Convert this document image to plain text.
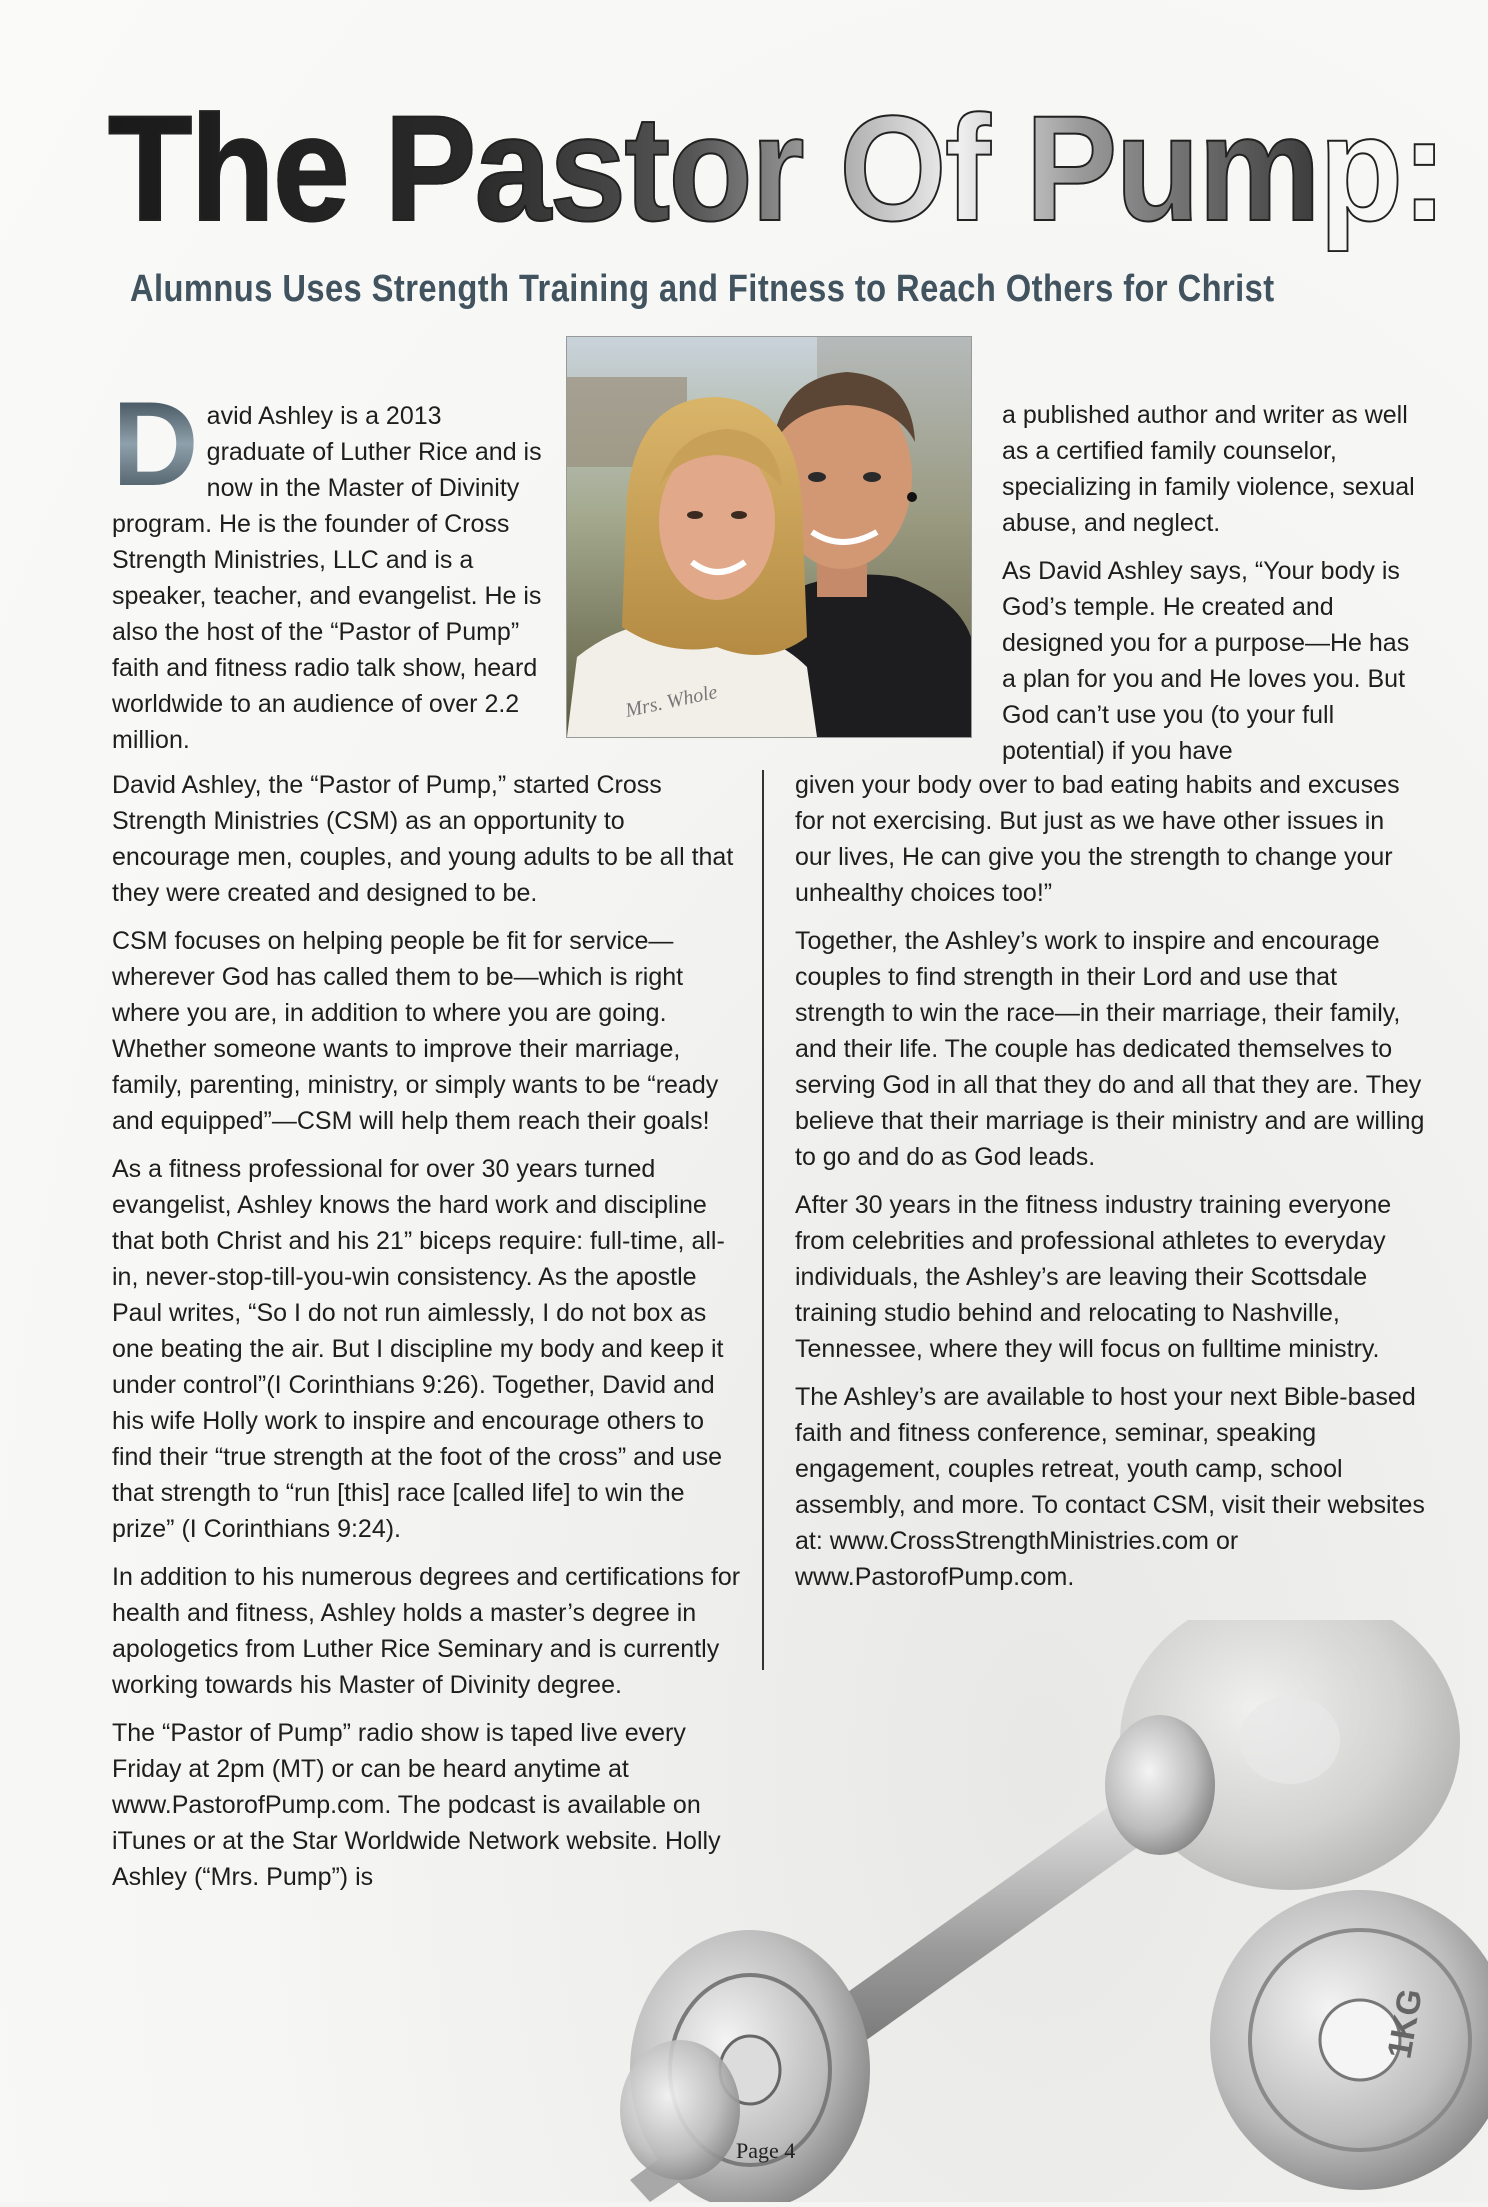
The Pastor Of Pump:
Alumnus Uses Strength Training and Fitness to Reach Others for Christ
Mrs. Whole
D avid Ashley is a 2013 graduate of Luther Rice and is now in the Master of Divinity program. He is the founder of Cross Strength Ministries, LLC and is a speaker, teacher, and evangelist. He is also the host of the “Pastor of Pump” faith and fitness radio talk show, heard worldwide to an audience of over 2.2 million.

a published author and writer as well as a certified family counselor, specializing in family violence, sexual abuse, and neglect.

As David Ashley says, “Your body is God’s temple. He created and designed you for a purpose—He has a plan for you and He loves you. But God can’t use you (to your full potential) if you have

David Ashley, the “Pastor of Pump,” started Cross Strength Ministries (CSM) as an opportunity to encourage men, couples, and young adults to be all that they were created and designed to be.

CSM focuses on helping people be fit for service—wherever God has called them to be—which is right where you are, in addition to where you are going. Whether someone wants to improve their marriage, family, parenting, ministry, or simply wants to be “ready and equipped”—CSM will help them reach their goals!

As a fitness professional for over 30 years turned evangelist, Ashley knows the hard work and discipline that both Christ and his 21” biceps require: full-time, all-in, never-stop-till-you-win consistency. As the apostle Paul writes, “So I do not run aimlessly, I do not box as one beating the air. But I discipline my body and keep it under control”(I Corinthians 9:26). Together, David and his wife Holly work to inspire and encourage others to find their “true strength at the foot of the cross” and use that strength to “run [this] race [called life] to win the prize” (I Corinthians 9:24).

In addition to his numerous degrees and certifications for health and fitness, Ashley holds a master’s degree in apologetics from Luther Rice Seminary and is currently working towards his Master of Divinity degree.

The “Pastor of Pump” radio show is taped live every Friday at 2pm (MT) or can be heard anytime at www.PastorofPump.com. The podcast is available on iTunes or at the Star Worldwide Network website. Holly Ashley (“Mrs. Pump”) is

given your body over to bad eating habits and excuses for not exercising. But just as we have other issues in our lives, He can give you the strength to change your unhealthy choices too!”

Together, the Ashley’s work to inspire and encourage couples to find strength in their Lord and use that strength to win the race—in their marriage, their family, and their life. The couple has dedicated themselves to serving God in all that they do and all that they are. They believe that their marriage is their ministry and are willing to go and do as God leads.

After 30 years in the fitness industry training everyone from celebrities and professional athletes to everyday individuals, the Ashley’s are leaving their Scottsdale training studio behind and relocating to Nashville, Tennessee, where they will focus on fulltime ministry.

The Ashley’s are available to host your next Bible-based faith and fitness conference, seminar, speaking engagement, couples retreat, youth camp, school assembly, and more. To contact CSM, visit their websites at: www.CrossStrengthMinistries.com or www.PastorofPump.com.

1KG
Page 4
